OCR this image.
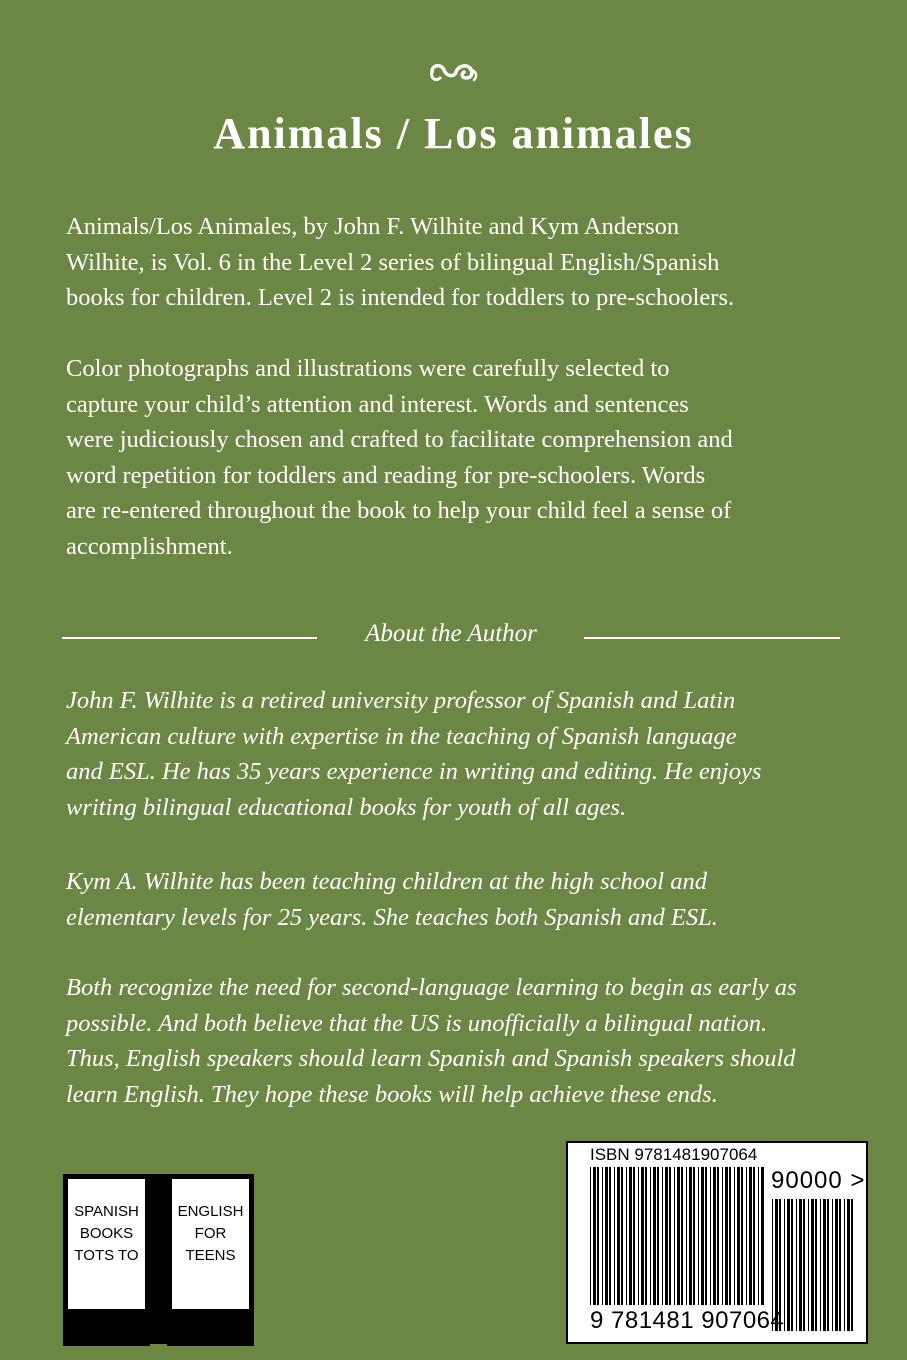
Animals / Los animales

Animals/Los Animales, by John F. Wilhite and Kym Anderson
Wilhite, is Vol. 6 in the Level 2 series of bilingual English/Spanish
books for children. Level 2 is intended for toddlers to pre-schoolers.

Color photographs and illustrations were carefully selected to
capture your child’s attention and interest. Words and sentences
were judiciously chosen and crafted to facilitate comprehension and
word repetition for toddlers and reading for pre-schoolers. Words
are re-entered throughout the book to help your child feel a sense of
accomplishment.

About the Author

John F. Wilhite is a retired university professor of Spanish and Latin
American culture with expertise in the teaching of Spanish language
and ESL. He has 35 years experience in writing and editing. He enjoys
writing bilingual educational books for youth of all ages.

Kym A. Wilhite has been teaching children at the high school and
elementary levels for 25 years. She teaches both Spanish and ESL.

Both recognize the need for second-language learning to begin as early as
possible. And both believe that the US is unofficially a bilingual nation.
Thus, English speakers should learn Spanish and Spanish speakers should
learn English. They hope these books will help achieve these ends.

SPANISH
BOOKS
TOTS TO
ENGLISH
FOR
TEENS
ISBN 9781481907064
90000 >
9 781481 907064
